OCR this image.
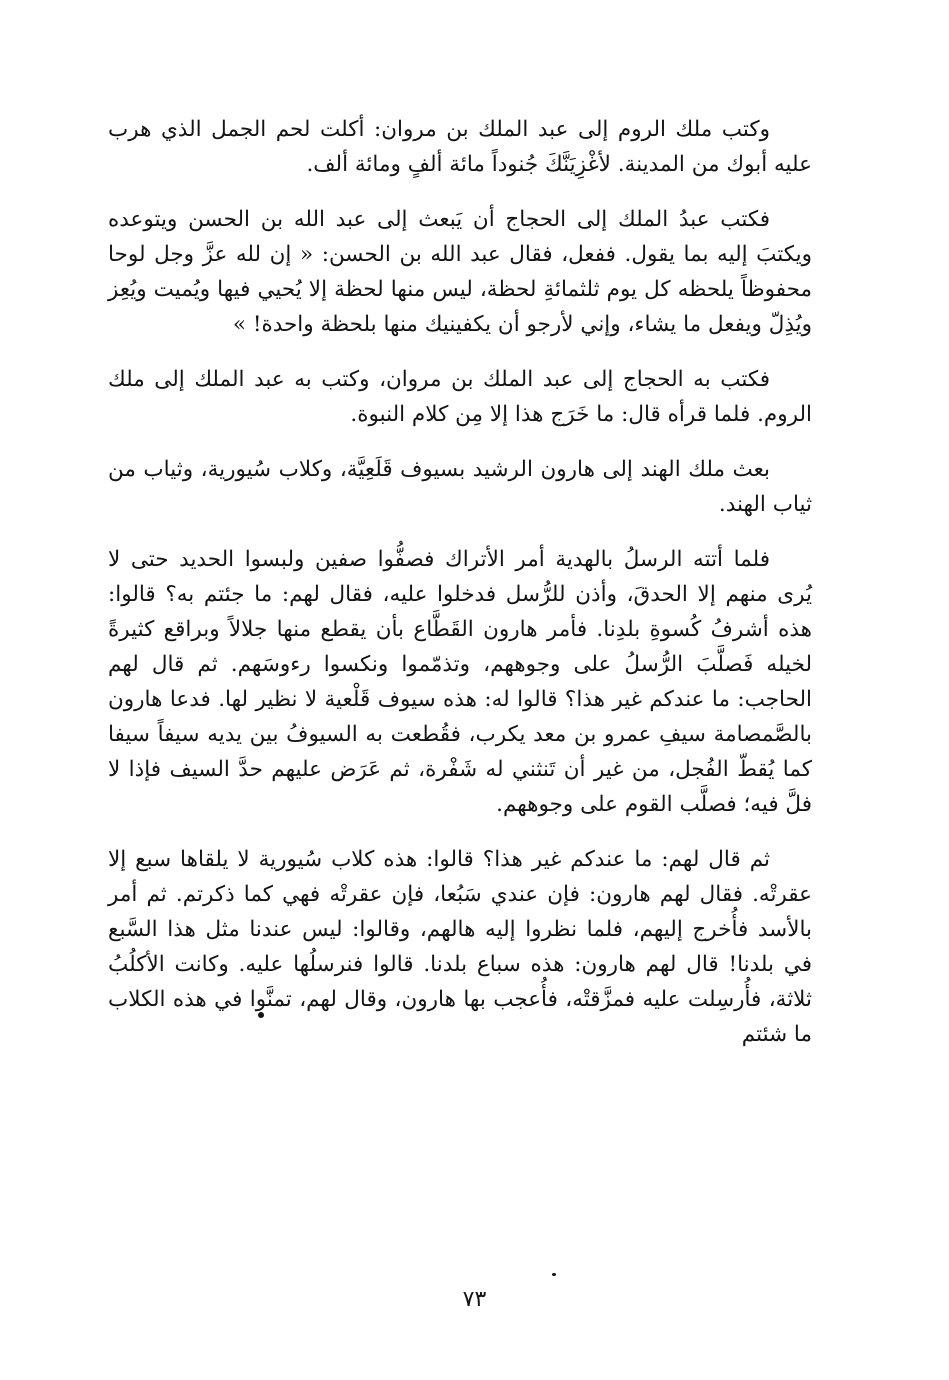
وكتب ملك الروم إلى عبد الملك بن مروان: أكلت لحم الجمل الذي هرب عليه أبوك من المدينة. لأغْزِيَنَّكَ جُنوداً مائة ألفٍ ومائة ألف.

فكتب عبدُ الملك إلى الحجاج أن يَبعث إلى عبد الله بن الحسن ويتوعده ويكتبَ إليه بما يقول. ففعل، فقال عبد الله بن الحسن: « إن لله عزَّ وجل لوحا محفوظاً يلحظه كل يوم ثلثمائةِ لحظة، ليس منها لحظة إلا يُحيي فيها ويُميت ويُعِز ويُذِلّ ويفعل ما يشاء، وإني لأرجو أن يكفينيك منها بلحظة واحدة! »

فكتب به الحجاج إلى عبد الملك بن مروان، وكتب به عبد الملك إلى ملك الروم. فلما قرأه قال: ما خَرَج هذا إلا مِن كلام النبوة.

بعث ملك الهند إلى هارون الرشيد بسيوف قَلَعِيَّة، وكلاب سُيورية، وثياب من ثياب الهند.

فلما أتته الرسلُ بالهدية أمر الأتراك فصفُّوا صفين ولبسوا الحديد حتى لا يُرى منهم إلا الحدقَ، وأذن للرُّسل فدخلوا عليه، فقال لهم: ما جئتم به؟ قالوا: هذه أشرفُ كُسوةِ بلدِنا. فأمر هارون القَطَّاع بأن يقطع منها جلالاً وبراقع كثيرةً لخيله فَصلَّبَ الرُّسلُ على وجوههم، وتذمّموا ونكسوا رءوسَهم. ثم قال لهم الحاجب: ما عندكم غير هذا؟ قالوا له: هذه سيوف قَلْعية لا نظير لها. فدعا هارون بالصَّمصامة سيفِ عمرو بن معد يكرب، فقُطعت به السيوفُ بين يديه سيفاً سيفا كما يُقطّ الفُجل، من غير أن تَنثني له شَفْرة، ثم عَرَض عليهم حدَّ السيف فإذا لا فلَّ فيه؛ فصلَّب القوم على وجوههم.

ثم قال لهم: ما عندكم غير هذا؟ قالوا: هذه كلاب سُيورية لا يلقاها سبع إلا عقرتْه. فقال لهم هارون: فإن عندي سَبُعا، فإن عقرتْه فهي كما ذكرتم. ثم أمر بالأسد فأُخرج إليهم، فلما نظروا إليه هالهم، وقالوا: ليس عندنا مثل هذا السَّبع في بلدنا! قال لهم هارون: هذه سباع بلدنا. قالوا فنرسلُها عليه. وكانت الأكلُبُ ثلاثة، فأُرسِلت عليه فمزَّقتْه، فأُعجب بها هارون، وقال لهم، تمنَّوا في هذه الكلاب ما شئتم

٧٣
